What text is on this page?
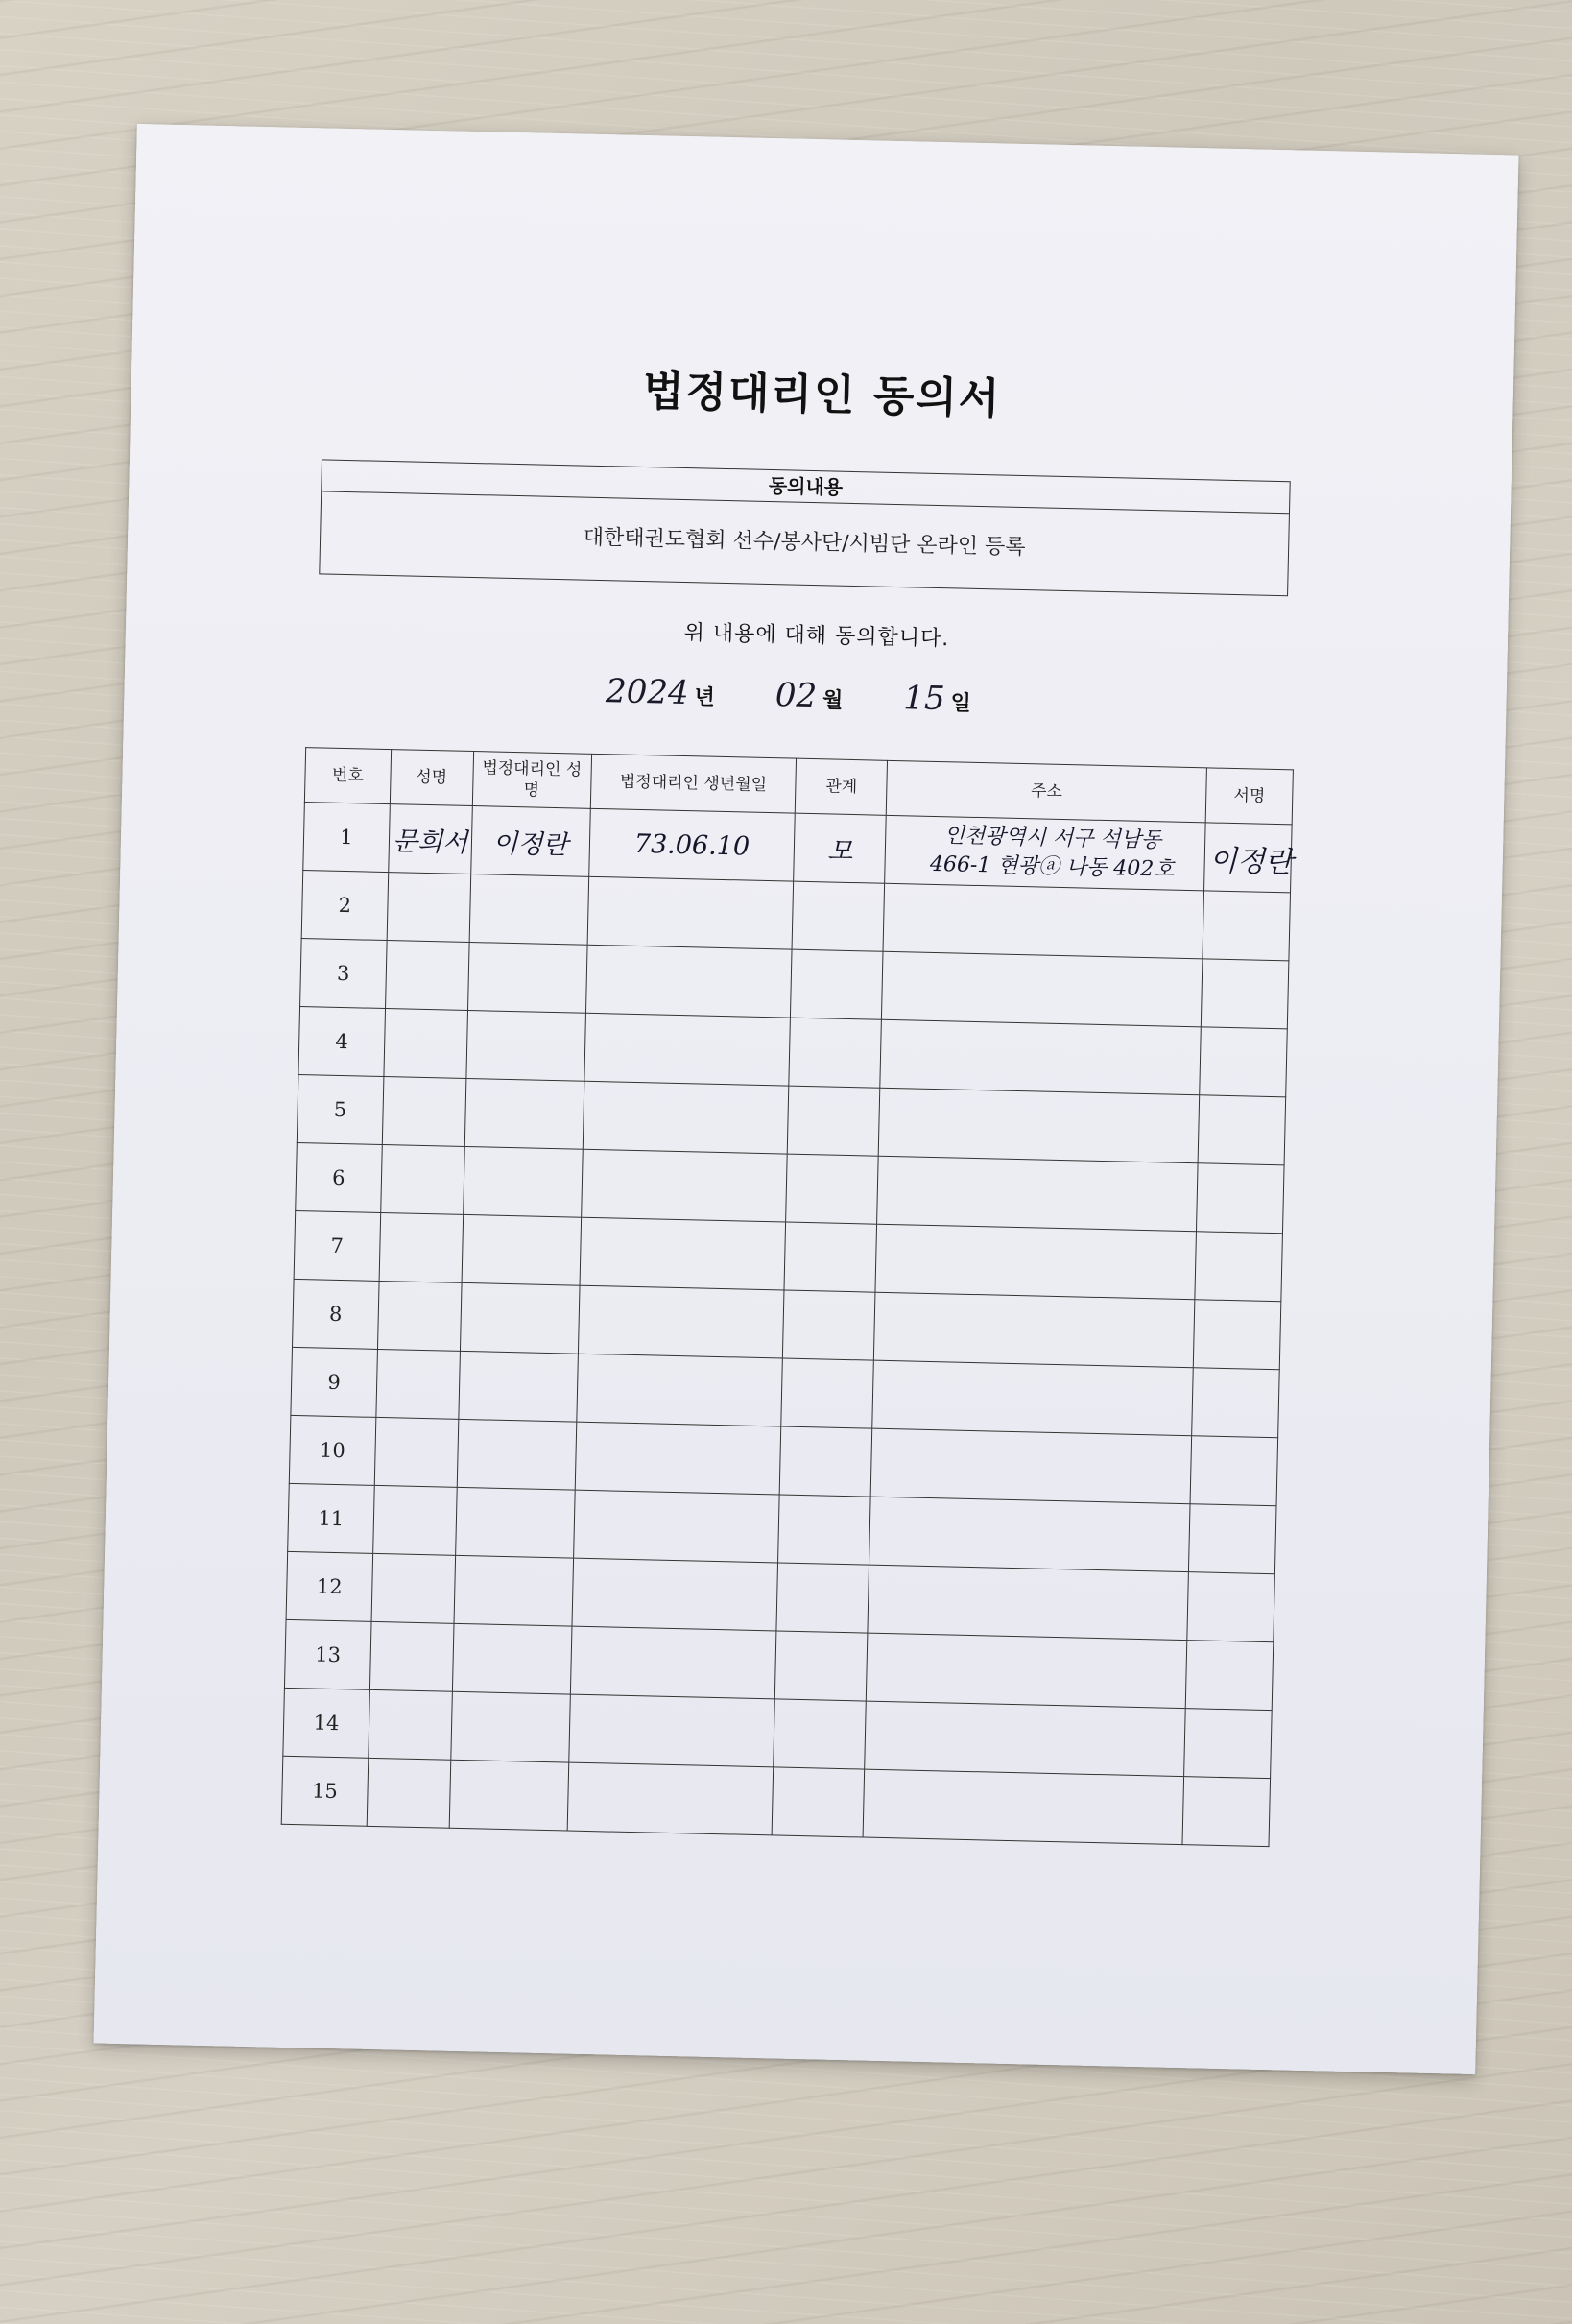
법정대리인 동의서
동의내용
대한태권도협회 선수/봉사단/시범단 온라인 등록
위 내용에 대해 동의합니다.
2024 년 02 월 15 일
번호	성명	법정대리인 성명	법정대리인 생년월일	관계	주소	서명
1	문희서	이정란	73.06.10	모	인천광역시 서구 석남동
466-1 현광ⓐ 나동 402호	이정란

2					

3					

4					

5					

6					

7					

8					

9					

10					

11					

12					

13					

14					

15					
